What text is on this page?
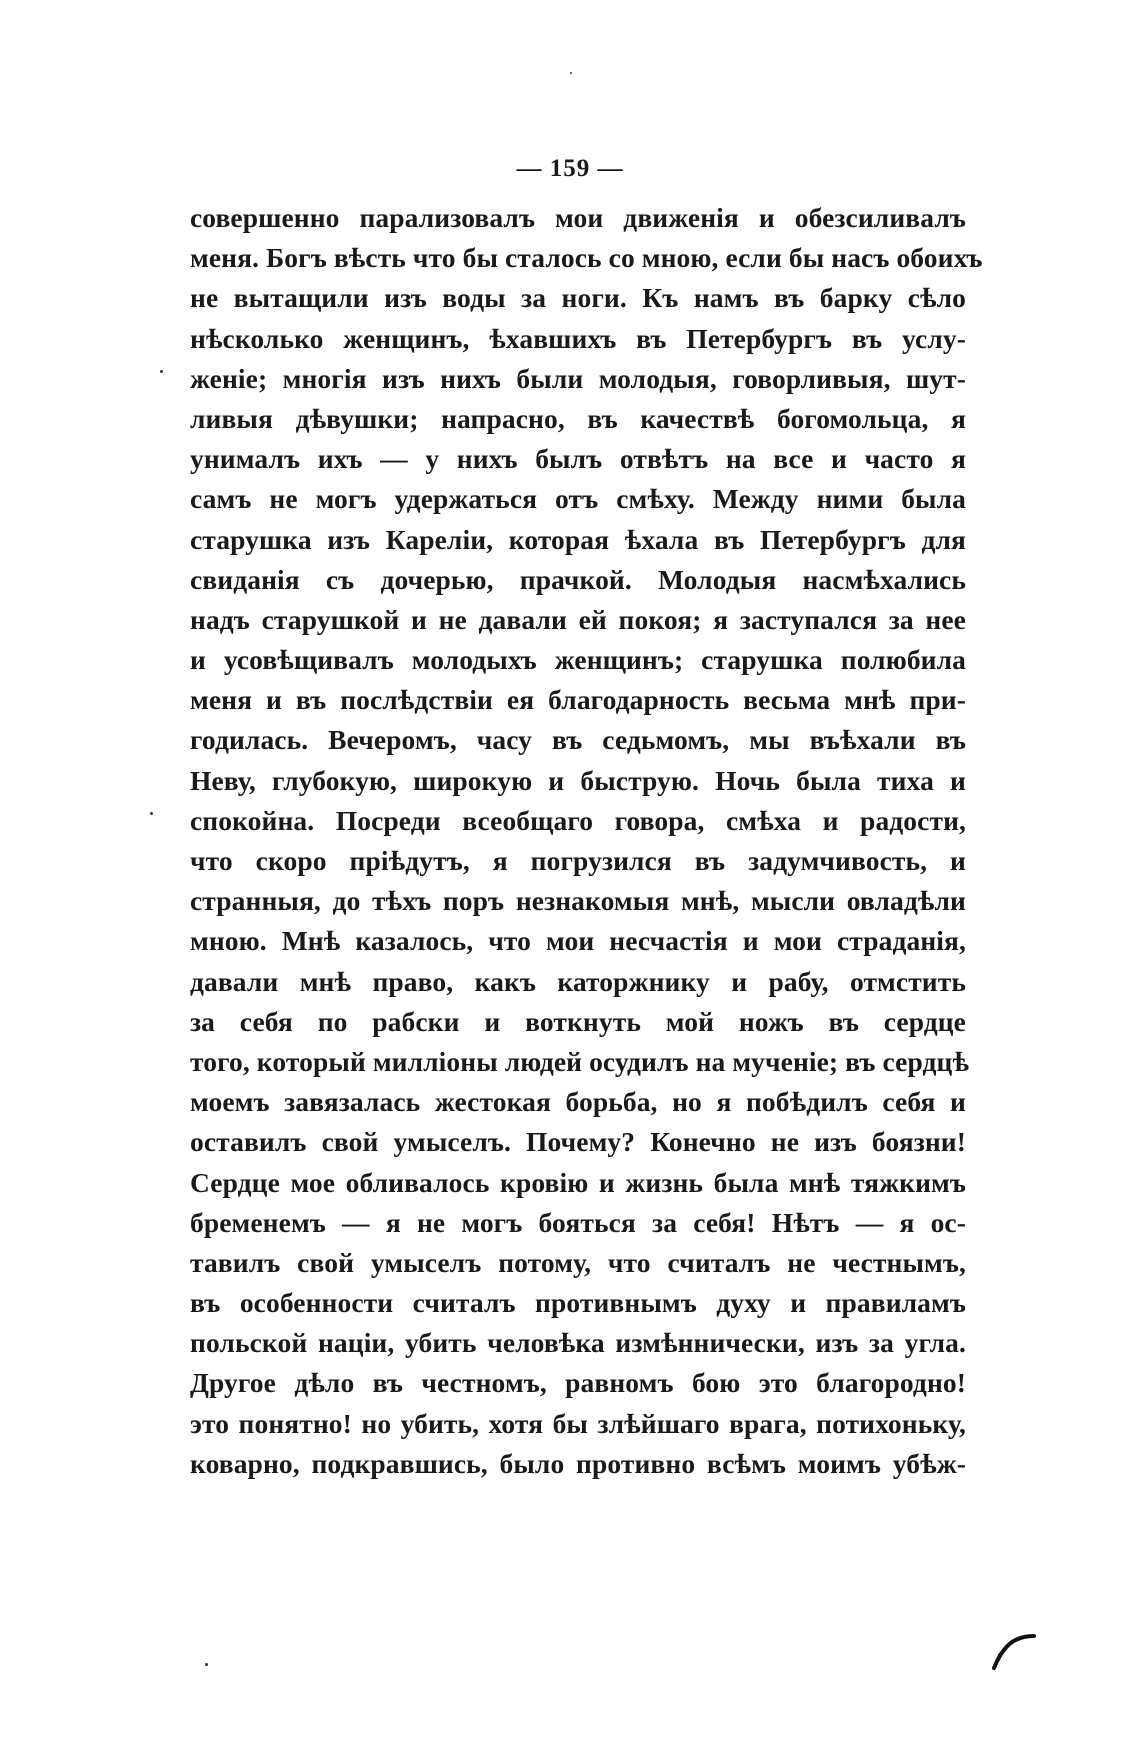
— 159 —
совершенно парализовалъ мои движенія и обезсиливалъ
меня. Богъ вѣсть что бы сталось со мною, если бы насъ обоихъ
не вытащили изъ воды за ноги. Къ намъ въ барку сѣло
нѣсколько женщинъ, ѣхавшихъ въ Петербургъ въ услу-
женіе; многія изъ нихъ были молодыя, говорливыя, шут-
ливыя дѣвушки; напрасно, въ качествѣ богомольца, я
унималъ ихъ — у нихъ былъ отвѣтъ на все и часто я
самъ не могъ удержаться отъ смѣху. Между ними была
старушка изъ Кареліи, которая ѣхала въ Петербургъ для
свиданія съ дочерью, прачкой. Молодыя насмѣхались
надъ старушкой и не давали ей покоя; я заступался за нее
и усовѣщивалъ молодыхъ женщинъ; старушка полюбила
меня и въ послѣдствіи ея благодарность весьма мнѣ при-
годилась. Вечеромъ, часу въ седьмомъ, мы въѣхали въ
Неву, глубокую, широкую и быструю. Ночь была тиха и
спокойна. Посреди всеобщаго говора, смѣха и радости,
что скоро пріѣдутъ, я погрузился въ задумчивость, и
странныя, до тѣхъ поръ незнакомыя мнѣ, мысли овладѣли
мною. Мнѣ казалось, что мои несчастія и мои страданія,
давали мнѣ право, какъ каторжнику и рабу, отмстить
за себя по рабски и воткнуть мой ножъ въ сердце
того, который милліоны людей осудилъ на мученіе; въ сердцѣ
моемъ завязалась жестокая борьба, но я побѣдилъ себя и
оставилъ свой умыселъ. Почему? Конечно не изъ боязни!
Сердце мое обливалось кровію и жизнь была мнѣ тяжкимъ
бременемъ — я не могъ бояться за себя! Нѣтъ — я ос-
тавилъ свой умыселъ потому, что считалъ не честнымъ,
въ особенности считалъ противнымъ духу и правиламъ
польской націи, убить человѣка измѣннически, изъ за угла.
Другое дѣло въ честномъ, равномъ бою это благородно!
это понятно! но убить, хотя бы злѣйшаго врага, потихоньку,
коварно, подкравшись, было противно всѣмъ моимъ убѣж-
